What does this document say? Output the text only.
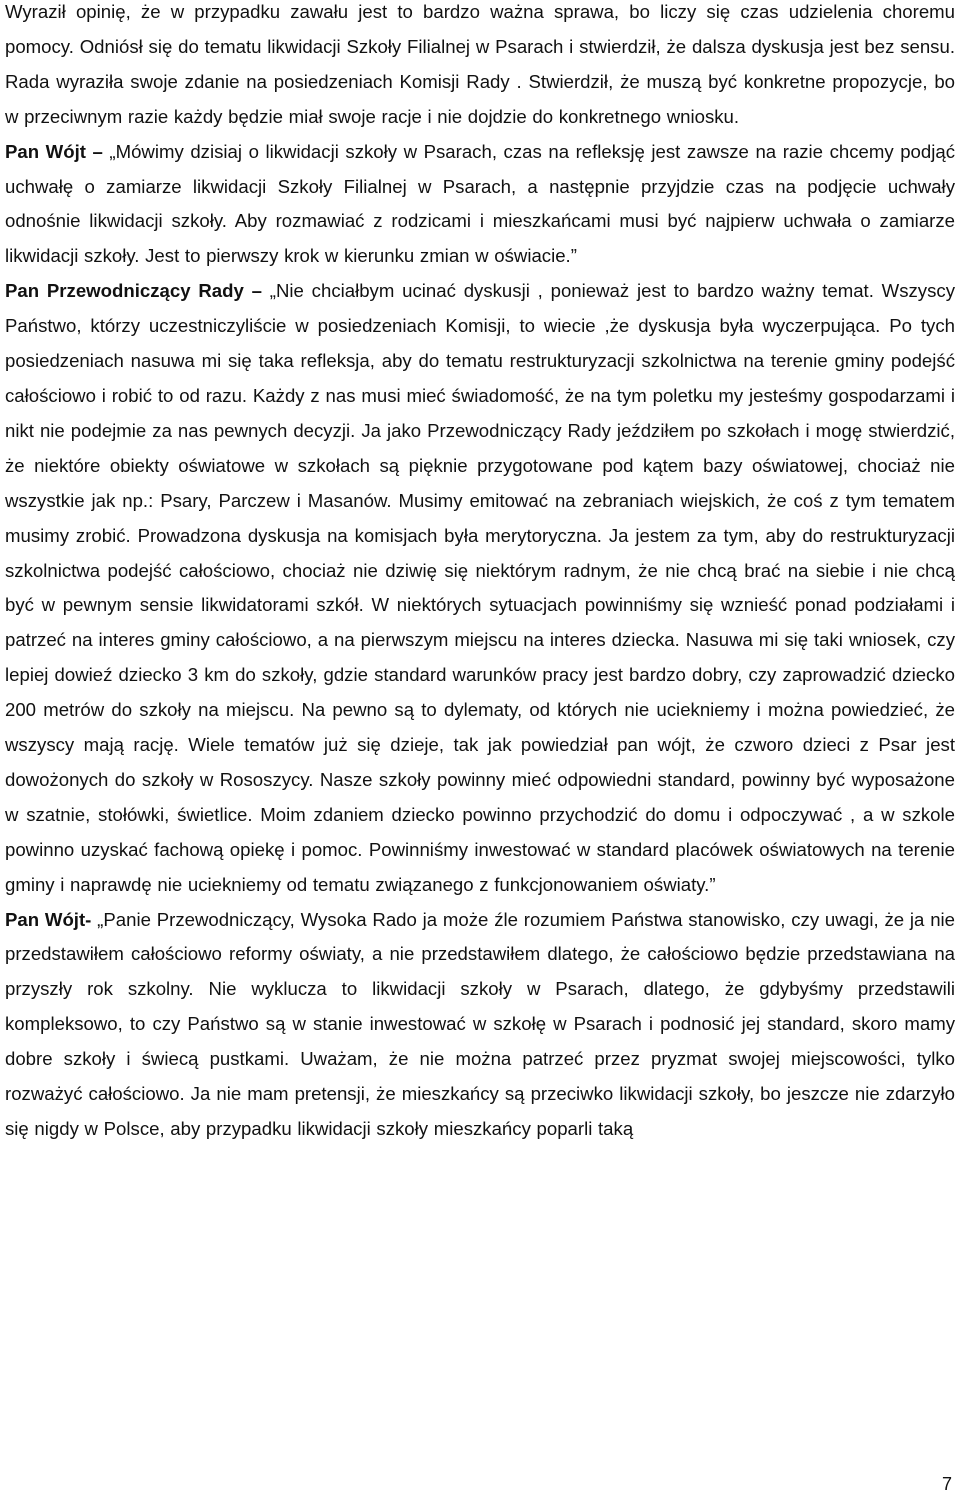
Wyraził opinię, że w przypadku zawału jest to bardzo ważna sprawa, bo liczy się czas udzielenia choremu pomocy. Odniósł się do tematu likwidacji Szkoły Filialnej w Psarach i stwierdził, że dalsza dyskusja jest bez sensu. Rada wyraziła swoje zdanie na posiedzeniach Komisji Rady . Stwierdził, że muszą być konkretne propozycje, bo w przeciwnym razie każdy będzie miał swoje racje i nie dojdzie do konkretnego wniosku.

Pan Wójt – „Mówimy dzisiaj o likwidacji szkoły w Psarach, czas na refleksję jest zawsze na razie chcemy podjąć uchwałę o zamiarze likwidacji Szkoły Filialnej w Psarach, a następnie przyjdzie czas na podjęcie uchwały odnośnie likwidacji szkoły. Aby rozmawiać z rodzicami i mieszkańcami musi być najpierw uchwała o zamiarze likwidacji szkoły. Jest to pierwszy krok w kierunku zmian w oświacie.”

Pan Przewodniczący Rady – „Nie chciałbym ucinać dyskusji , ponieważ jest to bardzo ważny temat. Wszyscy Państwo, którzy uczestniczyliście w posiedzeniach Komisji, to wiecie ,że dyskusja była wyczerpująca. Po tych posiedzeniach nasuwa mi się taka refleksja, aby do tematu restrukturyzacji szkolnictwa na terenie gminy podejść całościowo i robić to od razu. Każdy z nas musi mieć świadomość, że na tym poletku my jesteśmy gospodarzami i nikt nie podejmie za nas pewnych decyzji. Ja jako Przewodniczący Rady jeździłem po szkołach i mogę stwierdzić, że niektóre obiekty oświatowe w szkołach są pięknie przygotowane pod kątem bazy oświatowej, chociaż nie wszystkie jak np.: Psary, Parczew i Masanów. Musimy emitować na zebraniach wiejskich, że coś z tym tematem musimy zrobić. Prowadzona dyskusja na komisjach była merytoryczna. Ja jestem za tym, aby do restrukturyzacji szkolnictwa podejść całościowo, chociaż nie dziwię się niektórym radnym, że nie chcą brać na siebie i nie chcą być w pewnym sensie likwidatorami szkół. W niektórych sytuacjach powinniśmy się wznieść ponad podziałami i patrzeć na interes gminy całościowo, a na pierwszym miejscu na interes dziecka. Nasuwa mi się taki wniosek, czy lepiej dowieź dziecko 3 km do szkoły, gdzie standard warunków pracy jest bardzo dobry, czy zaprowadzić dziecko 200 metrów do szkoły na miejscu. Na pewno są to dylematy, od których nie uciekniemy i można powiedzieć, że wszyscy mają rację. Wiele tematów już się dzieje, tak jak powiedział pan wójt, że czworo dzieci z Psar jest dowożonych do szkoły w Rososzycy. Nasze szkoły powinny mieć odpowiedni standard, powinny być wyposażone w szatnie, stołówki, świetlice. Moim zdaniem dziecko powinno przychodzić do domu i odpoczywać , a w szkole powinno uzyskać fachową opiekę i pomoc. Powinniśmy inwestować w standard placówek oświatowych na terenie gminy i naprawdę nie uciekniemy od tematu związanego z funkcjonowaniem oświaty.”

Pan Wójt- „Panie Przewodniczący, Wysoka Rado ja może źle rozumiem Państwa stanowisko, czy uwagi, że ja nie przedstawiłem całościowo reformy oświaty, a nie przedstawiłem dlatego, że całościowo będzie przedstawiana na przyszły rok szkolny. Nie wyklucza to likwidacji szkoły w Psarach, dlatego, że gdybyśmy przedstawili kompleksowo, to czy Państwo są w stanie inwestować w szkołę w Psarach i podnosić jej standard, skoro mamy dobre szkoły i świecą pustkami. Uważam, że nie można patrzeć przez pryzmat swojej miejscowości, tylko rozważyć całościowo. Ja nie mam pretensji, że mieszkańcy są przeciwko likwidacji szkoły, bo jeszcze nie zdarzyło się nigdy w Polsce, aby przypadku likwidacji szkoły mieszkańcy poparli taką

7
